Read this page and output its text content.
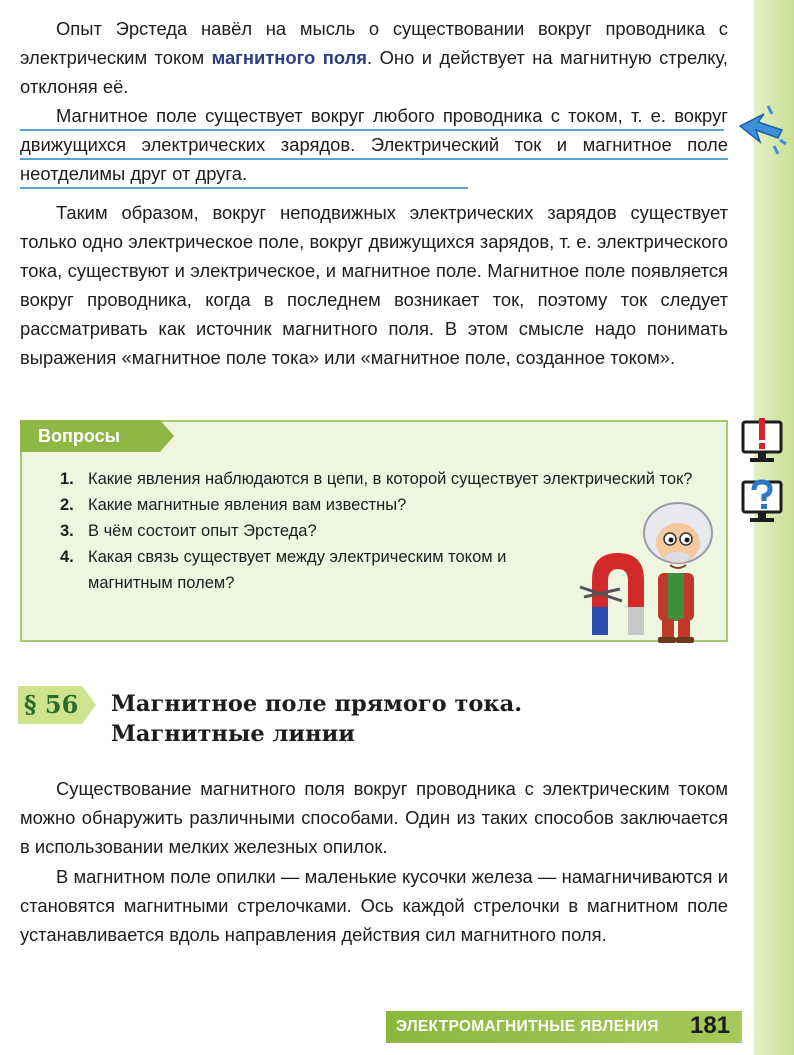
Опыт Эрстеда навёл на мысль о существовании вокруг проводника с электрическим током магнитного поля. Оно и действует на магнитную стрелку, отклоняя её.

Магнитное поле существует вокруг любого проводника с током, т. е. вокруг движущихся электрических зарядов. Электрический ток и магнитное поле неотделимы друг от друга.

Таким образом, вокруг неподвижных электрических зарядов существует только одно электрическое поле, вокруг движущихся зарядов, т. е. электрического тока, существуют и электрическое, и магнитное поле. Магнитное поле появляется вокруг проводника, когда в последнем возникает ток, поэтому ток следует рассматривать как источник магнитного поля. В этом смысле надо понимать выражения «магнитное поле тока» или «магнитное поле, созданное током».

Вопросы
1. Какие явления наблюдаются в цепи, в которой существует электрический ток?
2. Какие магнитные явления вам известны?
3. В чём состоит опыт Эрстеда?
4. Какая связь существует между электрическим током и магнитным полем?
§ 56 Магнитное поле прямого тока.
Магнитные линии

Существование магнитного поля вокруг проводника с электрическим током можно обнаружить различными способами. Один из таких способов заключается в использовании мелких железных опилок.

В магнитном поле опилки — маленькие кусочки железа — намагничиваются и становятся магнитными стрелочками. Ось каждой стрелочки в магнитном поле устанавливается вдоль направления действия сил магнитного поля.

ЭЛЕКТРОМАГНИТНЫЕ ЯВЛЕНИЯ 181
